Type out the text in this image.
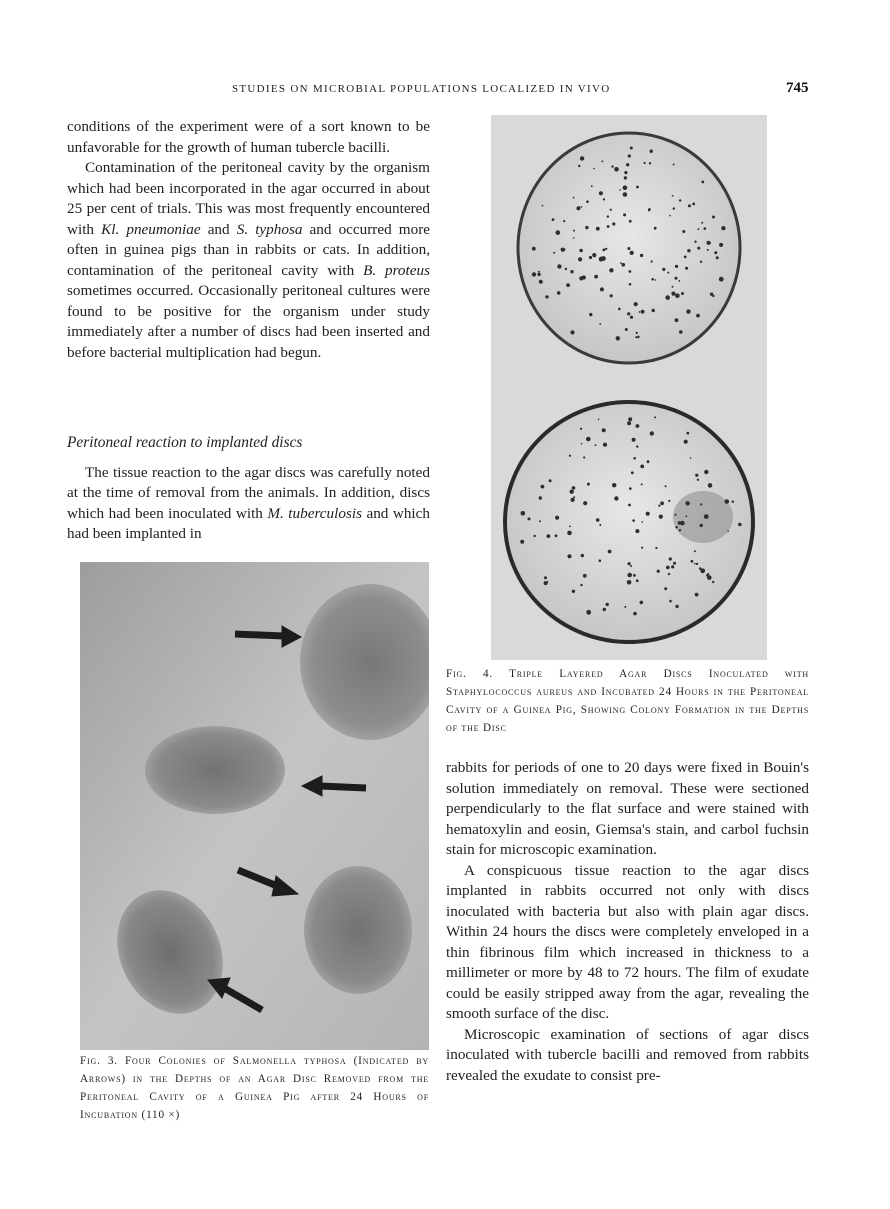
STUDIES ON MICROBIAL POPULATIONS LOCALIZED IN VIVO	745

conditions of the experiment were of a sort known to be unfavorable for the growth of human tubercle bacilli.

Contamination of the peritoneal cavity by the organism which had been incorporated in the agar occurred in about 25 per cent of trials. This was most frequently encountered with Kl. pneumoniae and S. typhosa and occurred more often in guinea pigs than in rabbits or cats. In addition, contamination of the peritoneal cavity with B. proteus sometimes occurred. Occasionally peritoneal cultures were found to be positive for the organism under study immediately after a number of discs had been inserted and before bacterial multiplication had begun.

Peritoneal reaction to implanted discs

The tissue reaction to the agar discs was carefully noted at the time of removal from the animals. In addition, discs which had been inoculated with M. tuberculosis and which had been implanted in

Fig. 4. Triple Layered Agar Discs Inoculated with Staphylococcus aureus and Incubated 24 Hours in the Peritoneal Cavity of a Guinea Pig, Showing Colony Formation in the Depths of the Disc
Fig. 3. Four Colonies of Salmonella typhosa (Indicated by Arrows) in the Depths of an Agar Disc Removed from the Peritoneal Cavity of a Guinea Pig after 24 Hours of Incubation (110 ×)

rabbits for periods of one to 20 days were fixed in Bouin's solution immediately on removal. These were sectioned perpendicularly to the flat surface and were stained with hematoxylin and eosin, Giemsa's stain, and carbol fuchsin stain for microscopic examination.

A conspicuous tissue reaction to the agar discs implanted in rabbits occurred not only with discs inoculated with bacteria but also with plain agar discs. Within 24 hours the discs were completely enveloped in a thin fibrinous film which increased in thickness to a millimeter or more by 48 to 72 hours. The film of exudate could be easily stripped away from the agar, revealing the smooth surface of the disc.

Microscopic examination of sections of agar discs inoculated with tubercle bacilli and removed from rabbits revealed the exudate to consist pre-
